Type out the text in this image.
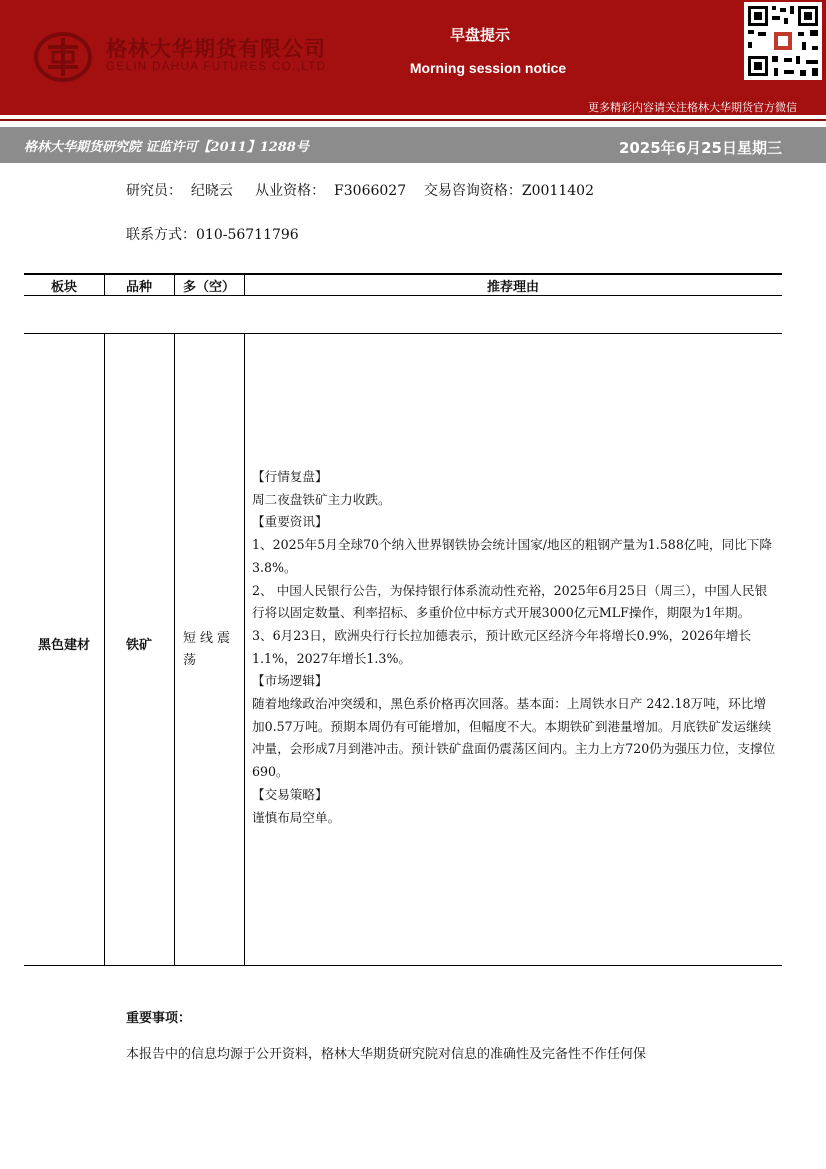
格林大华期货有限公司
GELIN DAHUA FUTURES CO.,LTD.
早盘提示
Morning session notice
更多精彩内容请关注格林大华期货官方微信
格林大华期货研究院 证监许可【2011】1288号	2025年6月25日星期三
研究员：  纪晓云     从业资格：  F3066027    交易咨询资格：Z0011402
联系方式：010-56711796
板块	品种	多（空）	推荐理由
黑色建材	铁矿	短线震荡
【行情复盘】
周二夜盘铁矿主力收跌。
【重要资讯】
1、2025年5月全球70个纳入世界钢铁协会统计国家/地区的粗钢产量为1.588亿吨，同比下降3.8%。
2、 中国人民银行公告，为保持银行体系流动性充裕，2025年6月25日（周三），中国人民银行将以固定数量、利率招标、多重价位中标方式开展3000亿元MLF操作，期限为1年期。
3、6月23日，欧洲央行行长拉加德表示，预计欧元区经济今年将增长0.9%，2026年增长1.1%，2027年增长1.3%。
【市场逻辑】
随着地缘政治冲突缓和，黑色系价格再次回落。基本面：上周铁水日产 242.18万吨，环比增加0.57万吨。预期本周仍有可能增加，但幅度不大。本期铁矿到港量增加。月底铁矿发运继续冲量，会形成7月到港冲击。预计铁矿盘面仍震荡区间内。主力上方720仍为强压力位，支撑位690。
【交易策略】
谨慎布局空单。
重要事项：
本报告中的信息均源于公开资料，格林大华期货研究院对信息的准确性及完备性不作任何保
